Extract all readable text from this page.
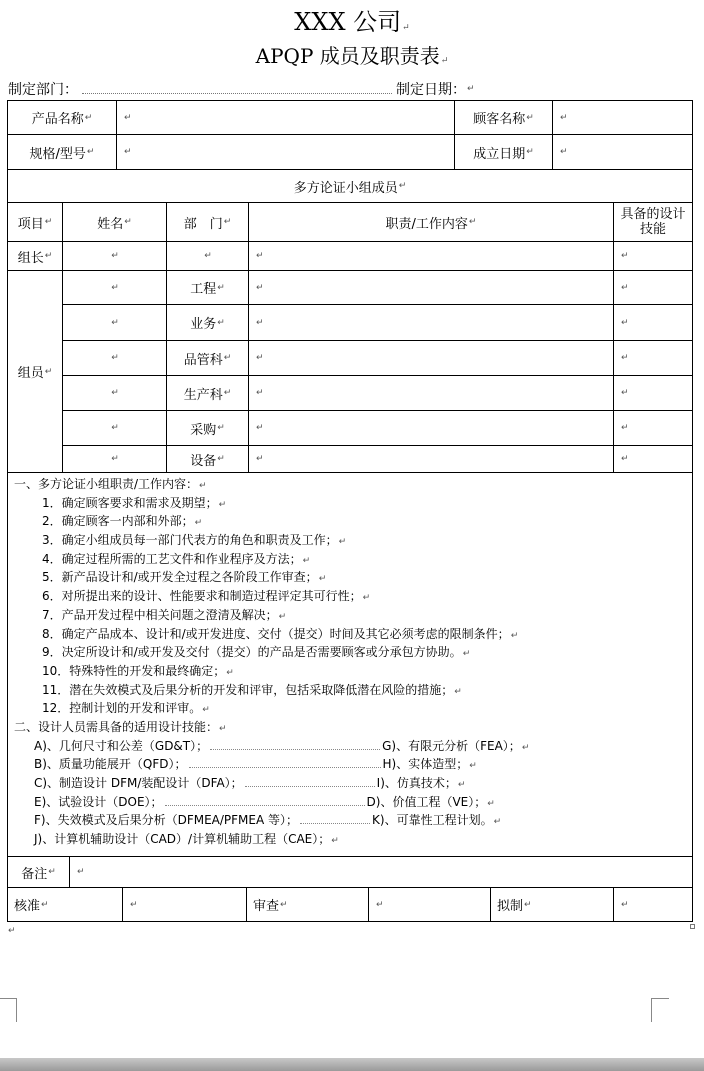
XXX 公司↵
APQP 成员及职责表↵
制定部门：	制定日期： ↵
产品名称 ↵	↵	顾客名称 ↵	↵
规格/型号 ↵	↵	成立日期 ↵	↵
多方论证小组成员 ↵
项目 ↵	姓名 ↵	部　门 ↵	职责/工作内容 ↵	具备的设计技能
组长 ↵	↵	↵	↵	↵
组员 ↵
↵	工程 ↵	↵	↵
↵	业务 ↵	↵	↵
↵	品管科 ↵	↵	↵
↵	生产科 ↵	↵	↵
↵	采购 ↵	↵	↵
↵	设备 ↵	↵	↵
一、多方论证小组职责/工作内容：↵
1．确定顾客要求和需求及期望；↵
2．确定顾客一内部和外部；↵
3．确定小组成员每一部门代表方的角色和职责及工作；↵
4．确定过程所需的工艺文件和作业程序及方法；↵
5．新产品设计和/或开发全过程之各阶段工作审查；↵
6．对所提出来的设计、性能要求和制造过程评定其可行性；↵
7．产品开发过程中相关问题之澄清及解决；↵
8．确定产品成本、设计和/或开发进度、交付（提交）时间及其它必须考虑的限制条件；↵
9．决定所设计和/或开发及交付（提交）的产品是否需要顾客或分承包方协助。↵
10．特殊特性的开发和最终确定；↵
11．潜在失效模式及后果分析的开发和评审，包括采取降低潜在风险的措施；↵
12．控制计划的开发和评审。↵
二、设计人员需具备的适用设计技能：↵
A)、几何尺寸和公差（GD&T）；	G)、有限元分析（FEA）；↵
B)、质量功能展开（QFD）；	H)、实体造型；↵
C)、制造设计 DFM/装配设计（DFA）；	I)、仿真技术；↵
E)、试验设计（DOE）；	D)、价值工程（VE）；↵
F)、失效模式及后果分析（DFMEA/PFMEA 等）；	K)、可靠性工程计划。↵
J)、计算机辅助设计（CAD）/计算机辅助工程（CAE）；↵
备注 ↵ ↵
核准 ↵	↵	审查 ↵	↵	拟制 ↵	↵
↵
